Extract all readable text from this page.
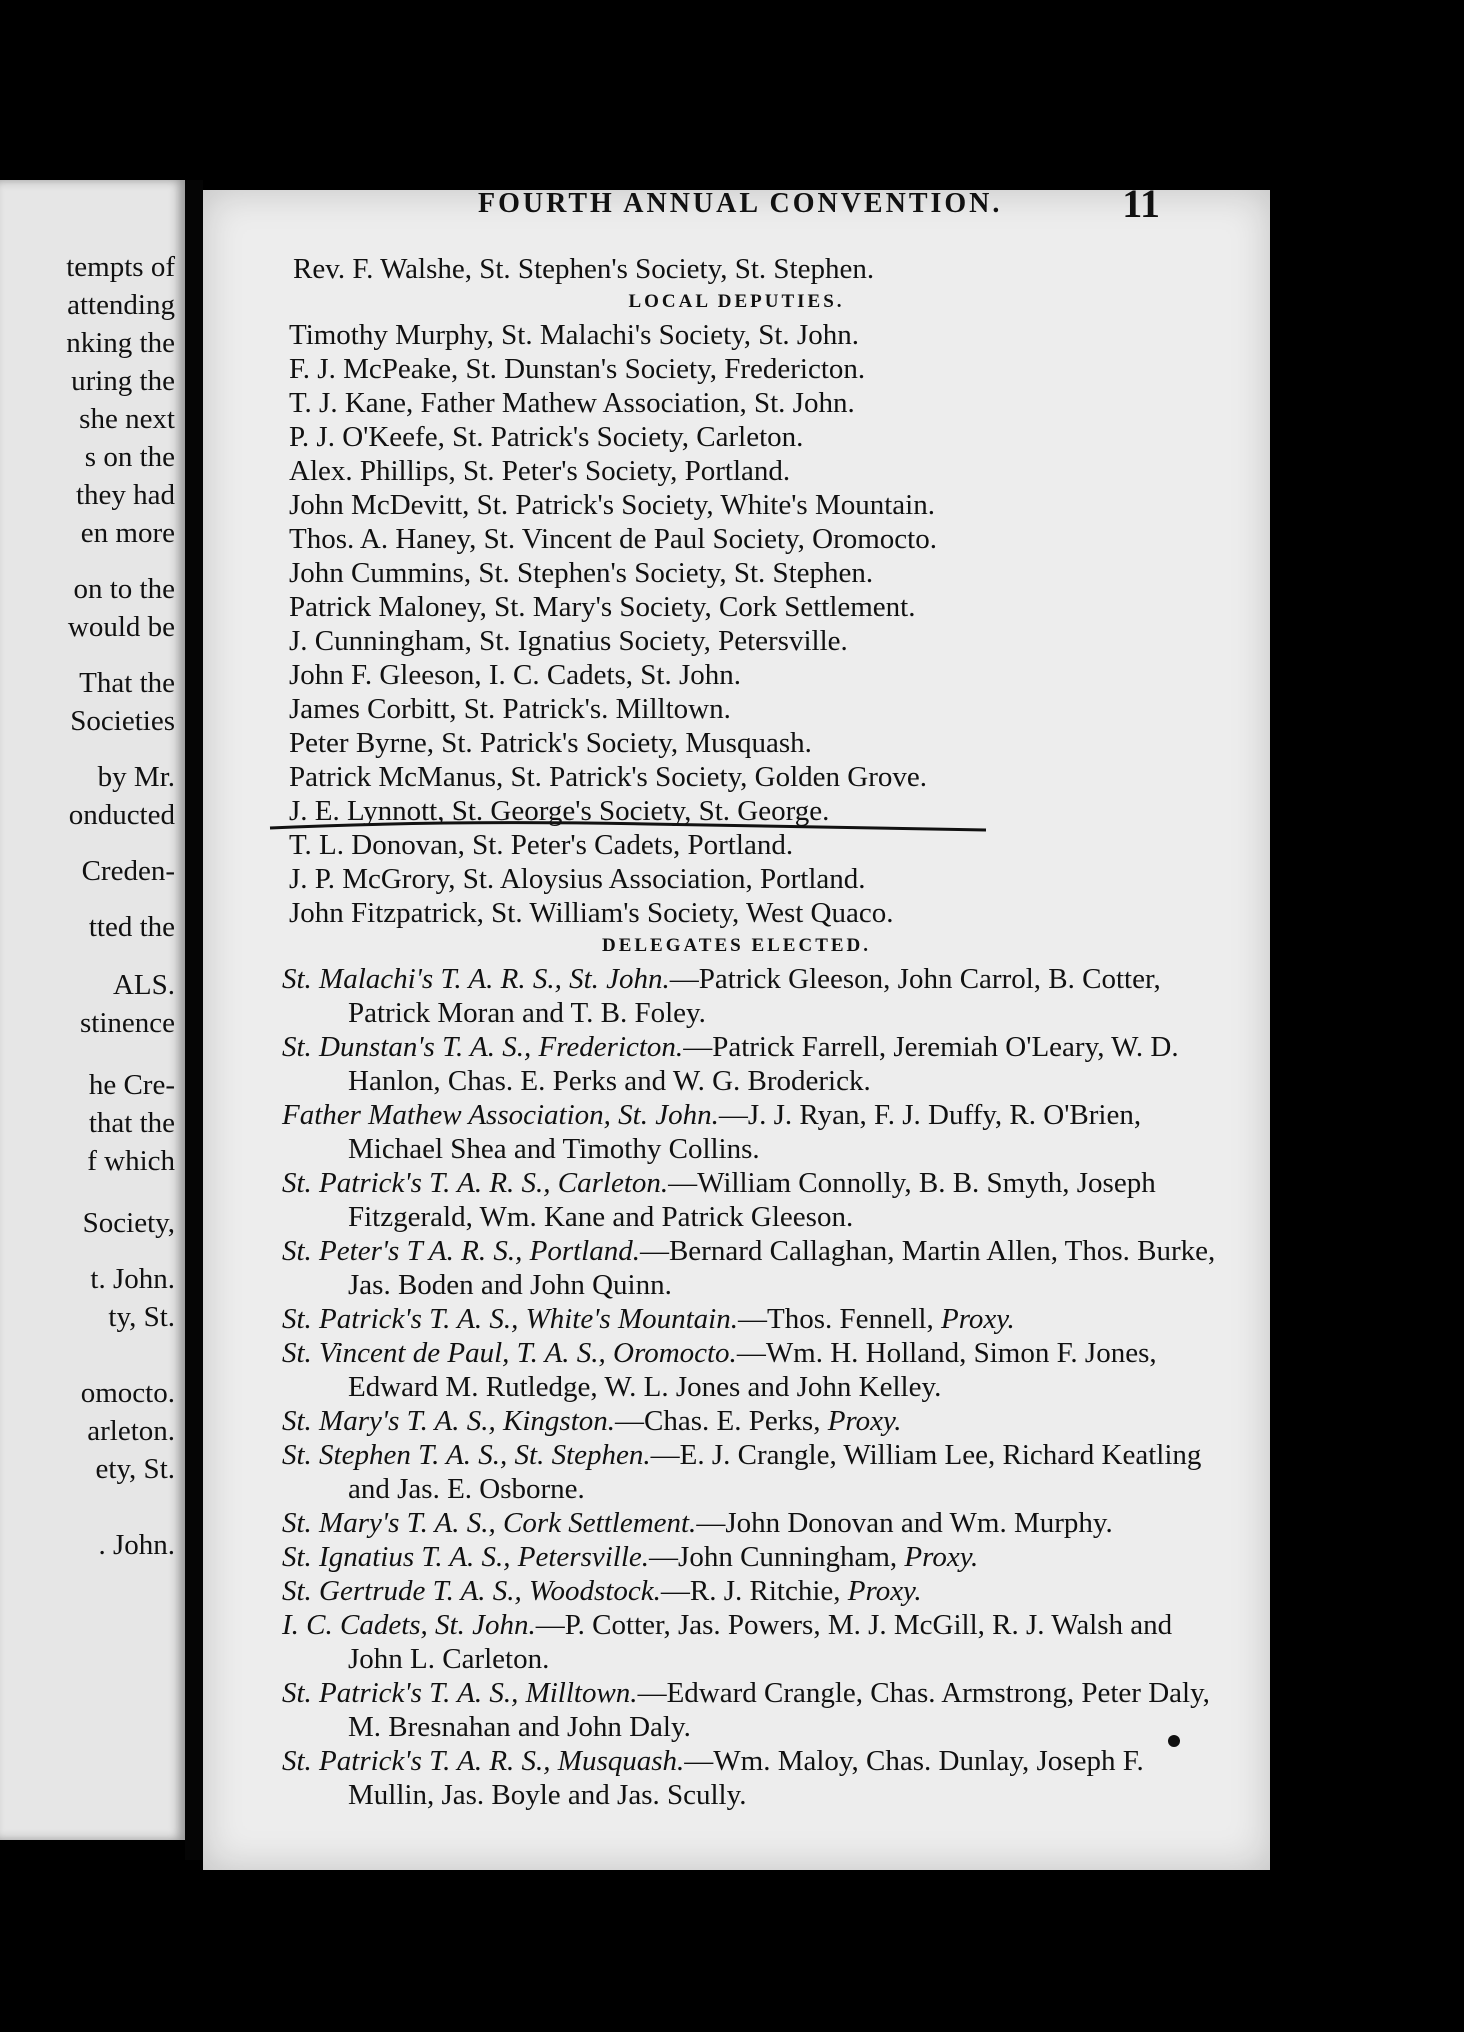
tempts of
attending
nking the
uring the
she next
s on the
they had
en more
on to the
would be
That the
Societies
by Mr.
onducted
Creden-
tted the
ALS.
stinence
he Cre-
that the
f which
Society,
t. John.
ty, St.
omocto.
arleton.
ety, St.
. John.
FOURTH ANNUAL CONVENTION.	11
Rev. F. Walshe, St. Stephen's Society, St. Stephen.
LOCAL DEPUTIES.
Timothy Murphy, St. Malachi's Society, St. John.
F. J. McPeake, St. Dunstan's Society, Fredericton.
T. J. Kane, Father Mathew Association, St. John.
P. J. O'Keefe, St. Patrick's Society, Carleton.
Alex. Phillips, St. Peter's Society, Portland.
John McDevitt, St. Patrick's Society, White's Mountain.
Thos. A. Haney, St. Vincent de Paul Society, Oromocto.
John Cummins, St. Stephen's Society, St. Stephen.
Patrick Maloney, St. Mary's Society, Cork Settlement.
J. Cunningham, St. Ignatius Society, Petersville.
John F. Gleeson, I. C. Cadets, St. John.
James Corbitt, St. Patrick's. Milltown.
Peter Byrne, St. Patrick's Society, Musquash.
Patrick McManus, St. Patrick's Society, Golden Grove.
J. E. Lynnott, St. George's Society, St. George.
T. L. Donovan, St. Peter's Cadets, Portland.
J. P. McGrory, St. Aloysius Association, Portland.
John Fitzpatrick, St. William's Society, West Quaco.
DELEGATES ELECTED.
St. Malachi's T. A. R. S., St. John.—Patrick Gleeson, John Carrol, B. Cotter, Patrick Moran and T. B. Foley.
St. Dunstan's T. A. S., Fredericton.—Patrick Farrell, Jeremiah O'Leary, W. D. Hanlon, Chas. E. Perks and W. G. Broderick.
Father Mathew Association, St. John.—J. J. Ryan, F. J. Duffy, R. O'Brien, Michael Shea and Timothy Collins.
St. Patrick's T. A. R. S., Carleton.—William Connolly, B. B. Smyth, Joseph Fitzgerald, Wm. Kane and Patrick Gleeson.
St. Peter's T A. R. S., Portland.—Bernard Callaghan, Martin Allen, Thos. Burke, Jas. Boden and John Quinn.
St. Patrick's T. A. S., White's Mountain.—Thos. Fennell, Proxy.
St. Vincent de Paul, T. A. S., Oromocto.—Wm. H. Holland, Simon F. Jones, Edward M. Rutledge, W. L. Jones and John Kelley.
St. Mary's T. A. S., Kingston.—Chas. E. Perks, Proxy.
St. Stephen T. A. S., St. Stephen.—E. J. Crangle, William Lee, Richard Keatling and Jas. E. Osborne.
St. Mary's T. A. S., Cork Settlement.—John Donovan and Wm. Murphy.
St. Ignatius T. A. S., Petersville.—John Cunningham, Proxy.
St. Gertrude T. A. S., Woodstock.—R. J. Ritchie, Proxy.
I. C. Cadets, St. John.—P. Cotter, Jas. Powers, M. J. McGill, R. J. Walsh and John L. Carleton.
St. Patrick's T. A. S., Milltown.—Edward Crangle, Chas. Armstrong, Peter Daly, M. Bresnahan and John Daly.
St. Patrick's T. A. R. S., Musquash.—Wm. Maloy, Chas. Dunlay, Joseph F. Mullin, Jas. Boyle and Jas. Scully.
